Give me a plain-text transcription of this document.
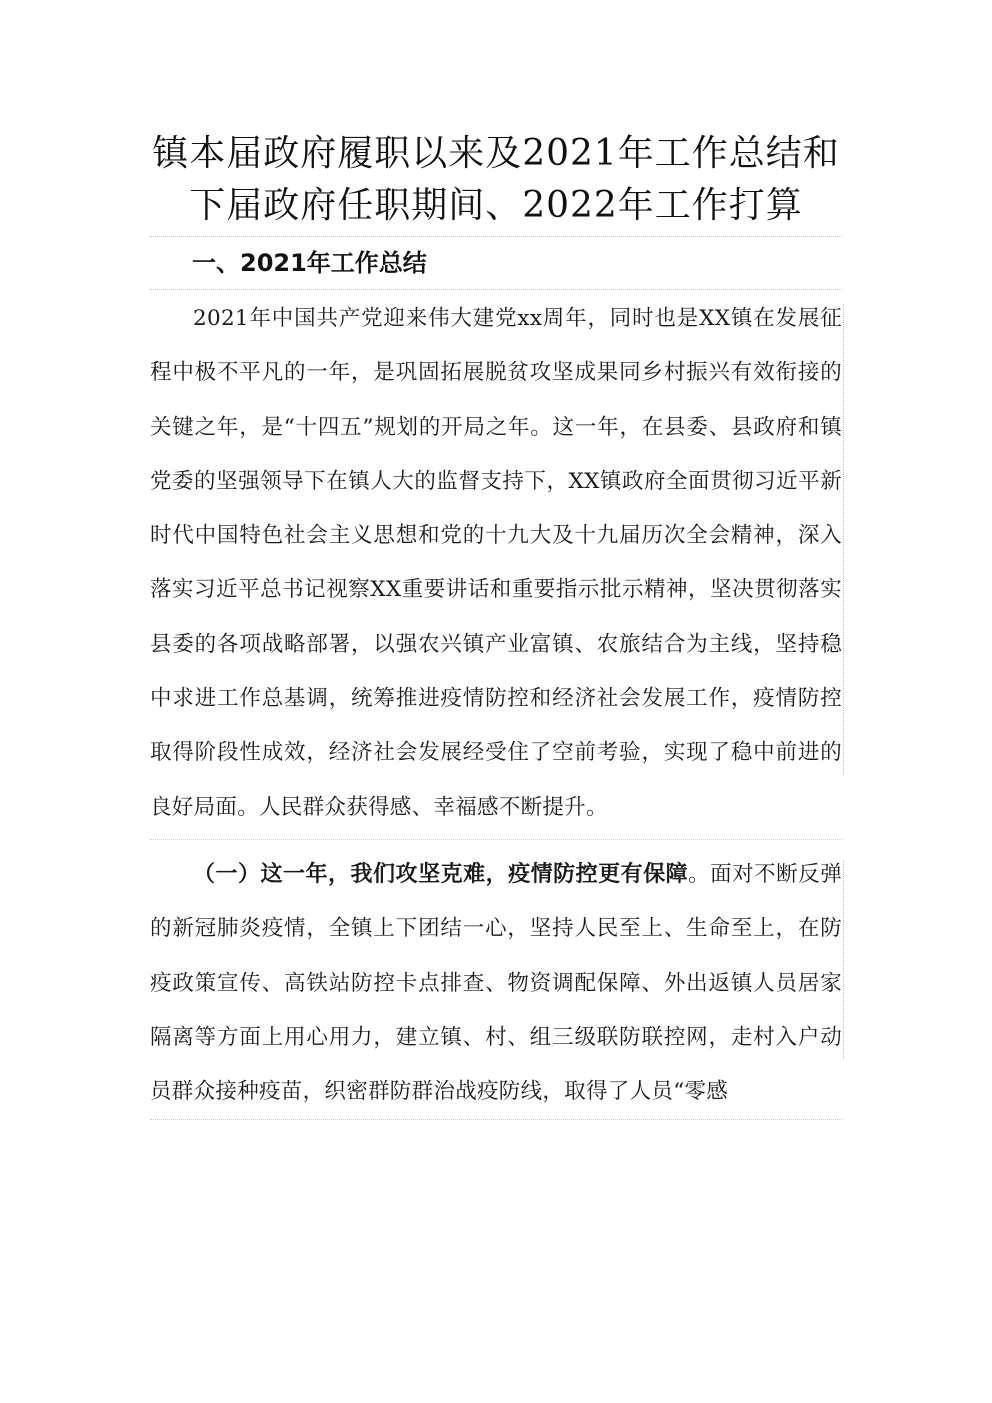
镇本届政府履职以来及2021年工作总结和
下届政府任职期间、2022年工作打算
一、2021年工作总结

2021年中国共产党迎来伟大建党xx周年，同时也是XX镇在发展征程中极不平凡的一年，是巩固拓展脱贫攻坚成果同乡村振兴有效衔接的关键之年，是“十四五”规划的开局之年。这一年，在县委、县政府和镇党委的坚强领导下在镇人大的监督支持下，XX镇政府全面贯彻习近平新时代中国特色社会主义思想和党的十九大及十九届历次全会精神，深入落实习近平总书记视察XX重要讲话和重要指示批示精神，坚决贯彻落实县委的各项战略部署，以强农兴镇产业富镇、农旅结合为主线，坚持稳中求进工作总基调，统筹推进疫情防控和经济社会发展工作，疫情防控取得阶段性成效，经济社会发展经受住了空前考验，实现了稳中前进的良好局面。人民群众获得感、幸福感不断提升。

（一）这一年，我们攻坚克难，疫情防控更有保障。面对不断反弹的新冠肺炎疫情，全镇上下团结一心，坚持人民至上、生命至上，在防疫政策宣传、高铁站防控卡点排查、物资调配保障、外出返镇人员居家隔离等方面上用心用力，建立镇、村、组三级联防联控网，走村入户动员群众接种疫苗，织密群防群治战疫防线，取得了人员“零感
